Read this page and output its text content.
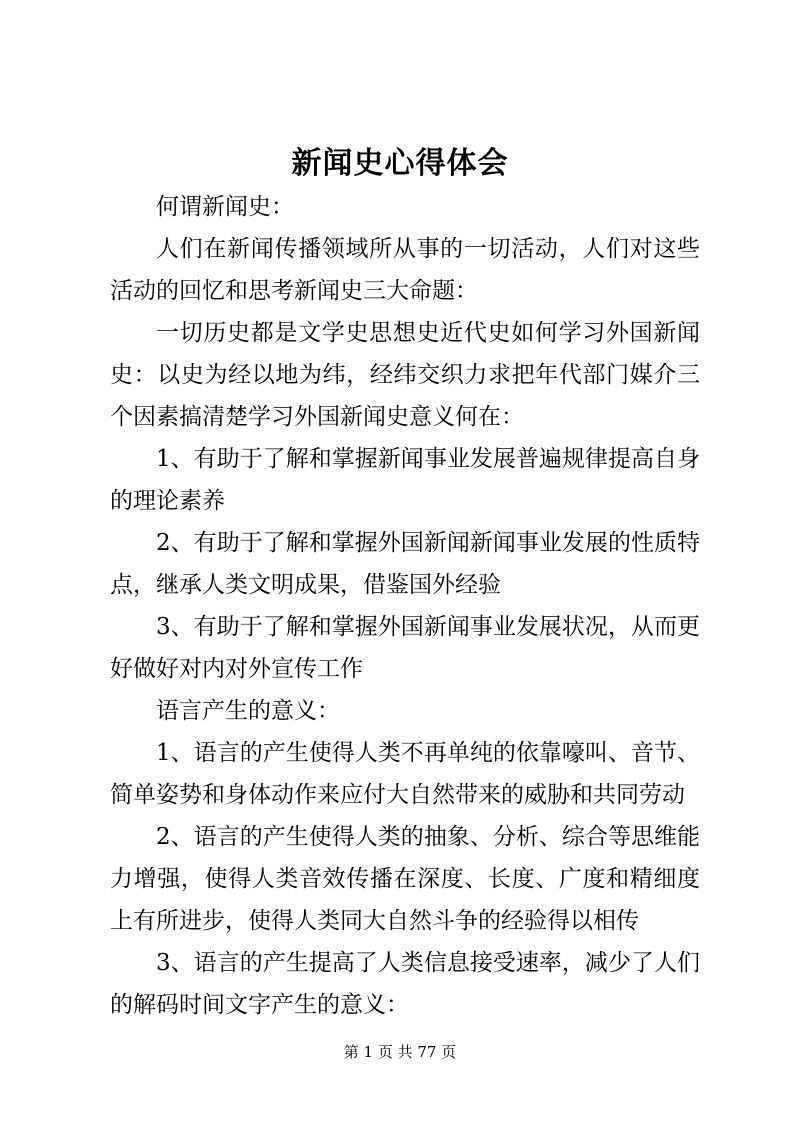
新闻史心得体会

何谓新闻史：

人们在新闻传播领域所从事的一切活动，人们对这些活动的回忆和思考新闻史三大命题：

一切历史都是文学史思想史近代史如何学习外国新闻史：以史为经以地为纬，经纬交织力求把年代部门媒介三个因素搞清楚学习外国新闻史意义何在：

1、有助于了解和掌握新闻事业发展普遍规律提高自身的理论素养

2、有助于了解和掌握外国新闻新闻事业发展的性质特点，继承人类文明成果，借鉴国外经验

3、有助于了解和掌握外国新闻事业发展状况，从而更好做好对内对外宣传工作

语言产生的意义：

1、语言的产生使得人类不再单纯的依靠嚎叫、音节、简单姿势和身体动作来应付大自然带来的威胁和共同劳动

2、语言的产生使得人类的抽象、分析、综合等思维能力增强，使得人类音效传播在深度、长度、广度和精细度上有所进步，使得人类同大自然斗争的经验得以相传

3、语言的产生提高了人类信息接受速率，减少了人们的解码时间文字产生的意义：

第 1 页 共 77 页
